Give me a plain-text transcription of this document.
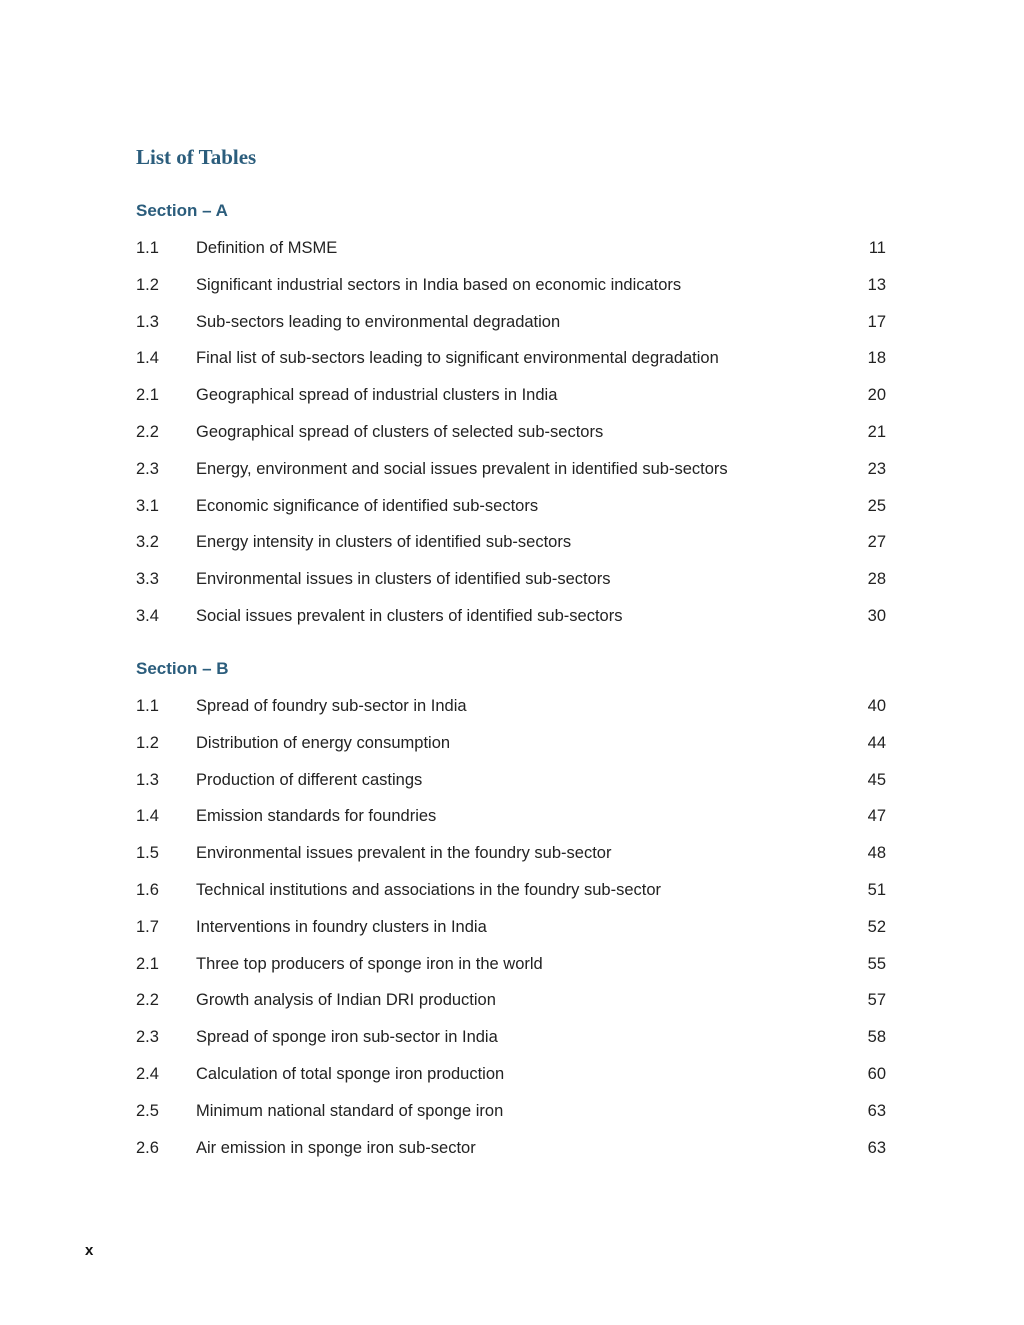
List of Tables
Section – A
1.1	Definition of MSME	11
1.2	Significant industrial sectors in India based on economic indicators	13
1.3	Sub-sectors leading to environmental degradation	17
1.4	Final list of sub-sectors leading to significant environmental degradation	18
2.1	Geographical spread of industrial clusters in India	20
2.2	Geographical spread of clusters of selected sub-sectors	21
2.3	Energy, environment and social issues prevalent in identified sub-sectors	23
3.1	Economic significance of identified sub-sectors	25
3.2	Energy intensity in clusters of identified sub-sectors	27
3.3	Environmental issues in clusters of identified sub-sectors	28
3.4	Social issues prevalent in clusters of identified sub-sectors	30
Section – B
1.1	Spread of foundry sub-sector in India	40
1.2	Distribution of energy consumption	44
1.3	Production of different castings	45
1.4	Emission standards for foundries	47
1.5	Environmental issues prevalent in the foundry sub-sector	48
1.6	Technical institutions and associations in the foundry sub-sector	51
1.7	Interventions in foundry clusters in India	52
2.1	Three top producers of sponge iron in the world	55
2.2	Growth analysis of Indian DRI production	57
2.3	Spread of sponge iron sub-sector in India	58
2.4	Calculation of total sponge iron production	60
2.5	Minimum national standard of sponge iron	63
2.6	Air emission in sponge iron sub-sector	63
x
